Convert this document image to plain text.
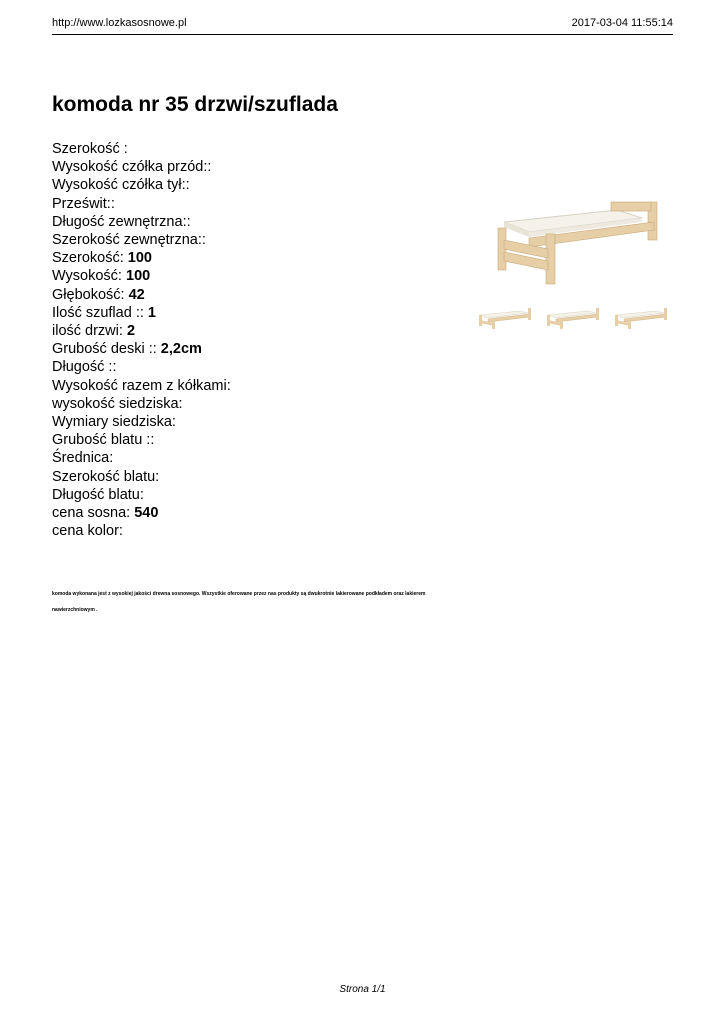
http://www.lozkasosnowe.pl	2017-03-04 11:55:14
komoda nr 35 drzwi/szuflada
Szerokość :
Wysokość czółka przód::
Wysokość czółka tył::
Prześwit::
Długość zewnętrzna::
Szerokość zewnętrzna::
Szerokość: 100
Wysokość: 100
Głębokość: 42
Ilość szuflad :: 1
ilość drzwi: 2
Grubość deski :: 2,2cm
Długość ::
Wysokość razem z kółkami:
wysokość siedziska:
Wymiary siedziska:
Grubość blatu ::
Średnica:
Szerokość blatu:
Długość blatu:
cena sosna: 540
cena kolor:
komoda wykonana jest z wysokiej jakości drewna sosnowego. Wszystkie oferowane przez nas produkty są dwukrotnie lakierowane podkładem oraz lakierem
nawierzchniowym .
Strona 1/1
